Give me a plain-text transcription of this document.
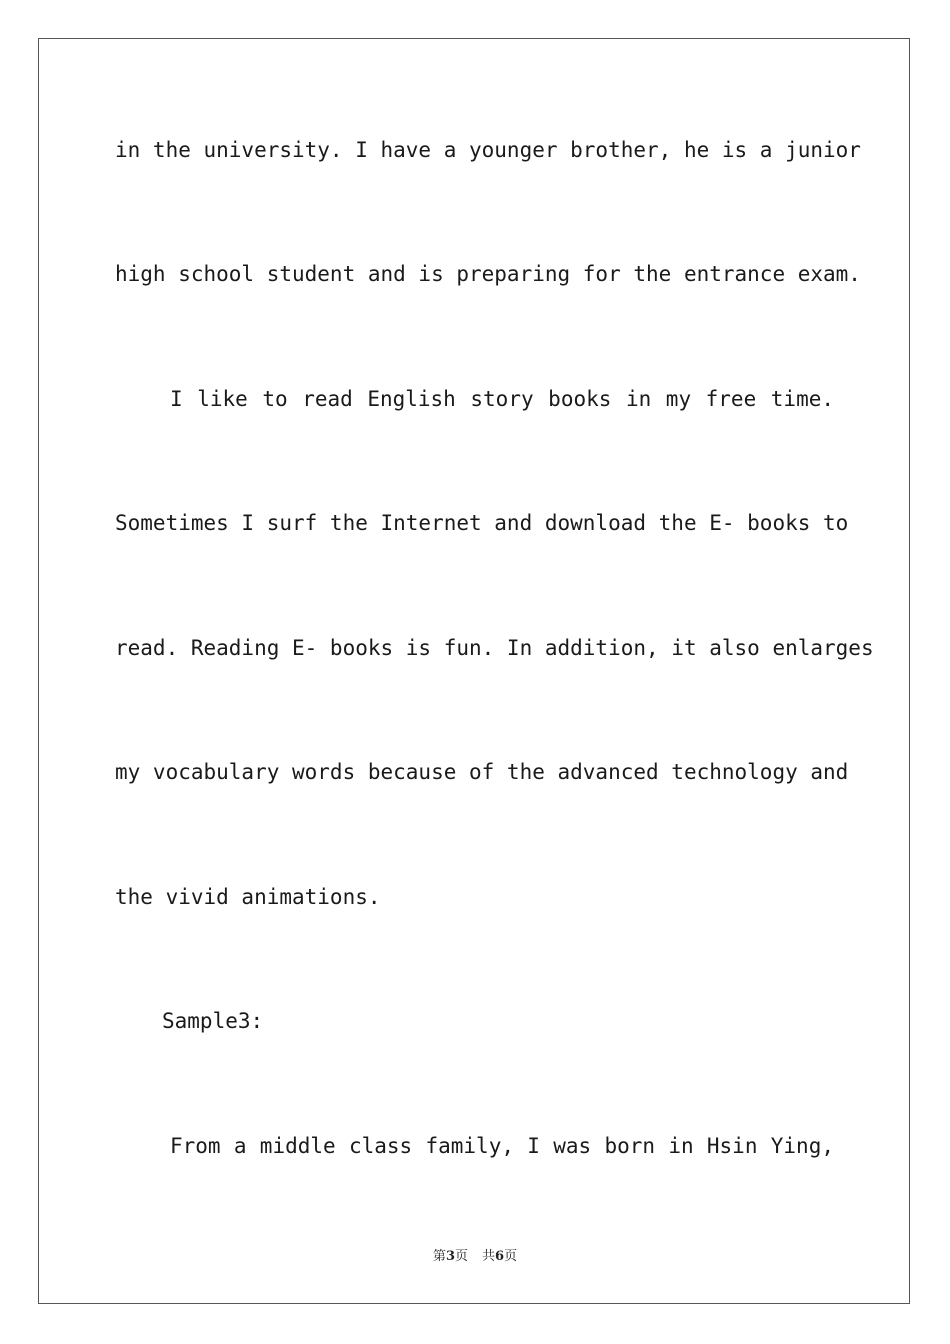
in the university. I have a younger brother, he is a junior
high school student and is preparing for the entrance exam.
I like to read English story books in my free time.
Sometimes I surf the Internet and download the E- books to
read. Reading E- books is fun. In addition, it also enlarges
my vocabulary words because of the advanced technology and
the vivid animations.
Sample3:
From a middle class family, I was born in Hsin Ying,
第3页 共6页
